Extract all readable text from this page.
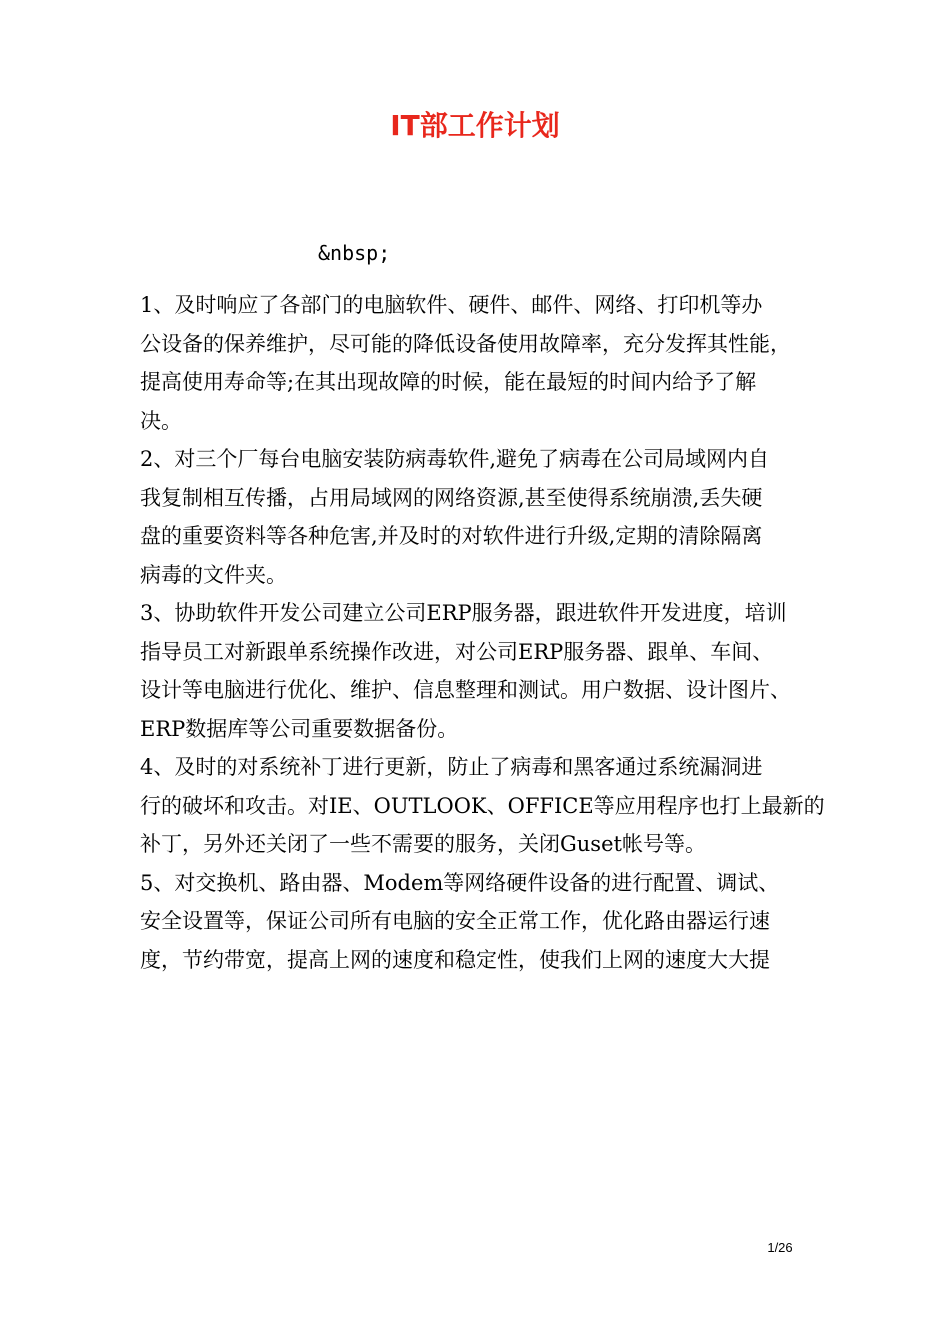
IT部工作计划

&nbsp;

1、及时响应了各部门的电脑软件、硬件、邮件、网络、打印机等办
公设备的保养维护，尽可能的降低设备使用故障率，充分发挥其性能，
提高使用寿命等;在其出现故障的时候，能在最短的时间内给予了解
决。

2、对三个厂每台电脑安装防病毒软件,避免了病毒在公司局域网内自
我复制相互传播，占用局域网的网络资源,甚至使得系统崩溃,丢失硬
盘的重要资料等各种危害,并及时的对软件进行升级,定期的清除隔离
病毒的文件夹。

3、协助软件开发公司建立公司ERP服务器，跟进软件开发进度，培训
指导员工对新跟单系统操作改进，对公司ERP服务器、跟单、车间、
设计等电脑进行优化、维护、信息整理和测试。用户数据、设计图片、
ERP数据库等公司重要数据备份。

4、及时的对系统补丁进行更新，防止了病毒和黑客通过系统漏洞进
行的破坏和攻击。对IE、OUTLOOK、OFFICE等应用程序也打上最新的
补丁，另外还关闭了一些不需要的服务，关闭Guset帐号等。

5、对交换机、路由器、Modem等网络硬件设备的进行配置、调试、
安全设置等，保证公司所有电脑的安全正常工作，优化路由器运行速
度，节约带宽，提高上网的速度和稳定性，使我们上网的速度大大提

1/26
